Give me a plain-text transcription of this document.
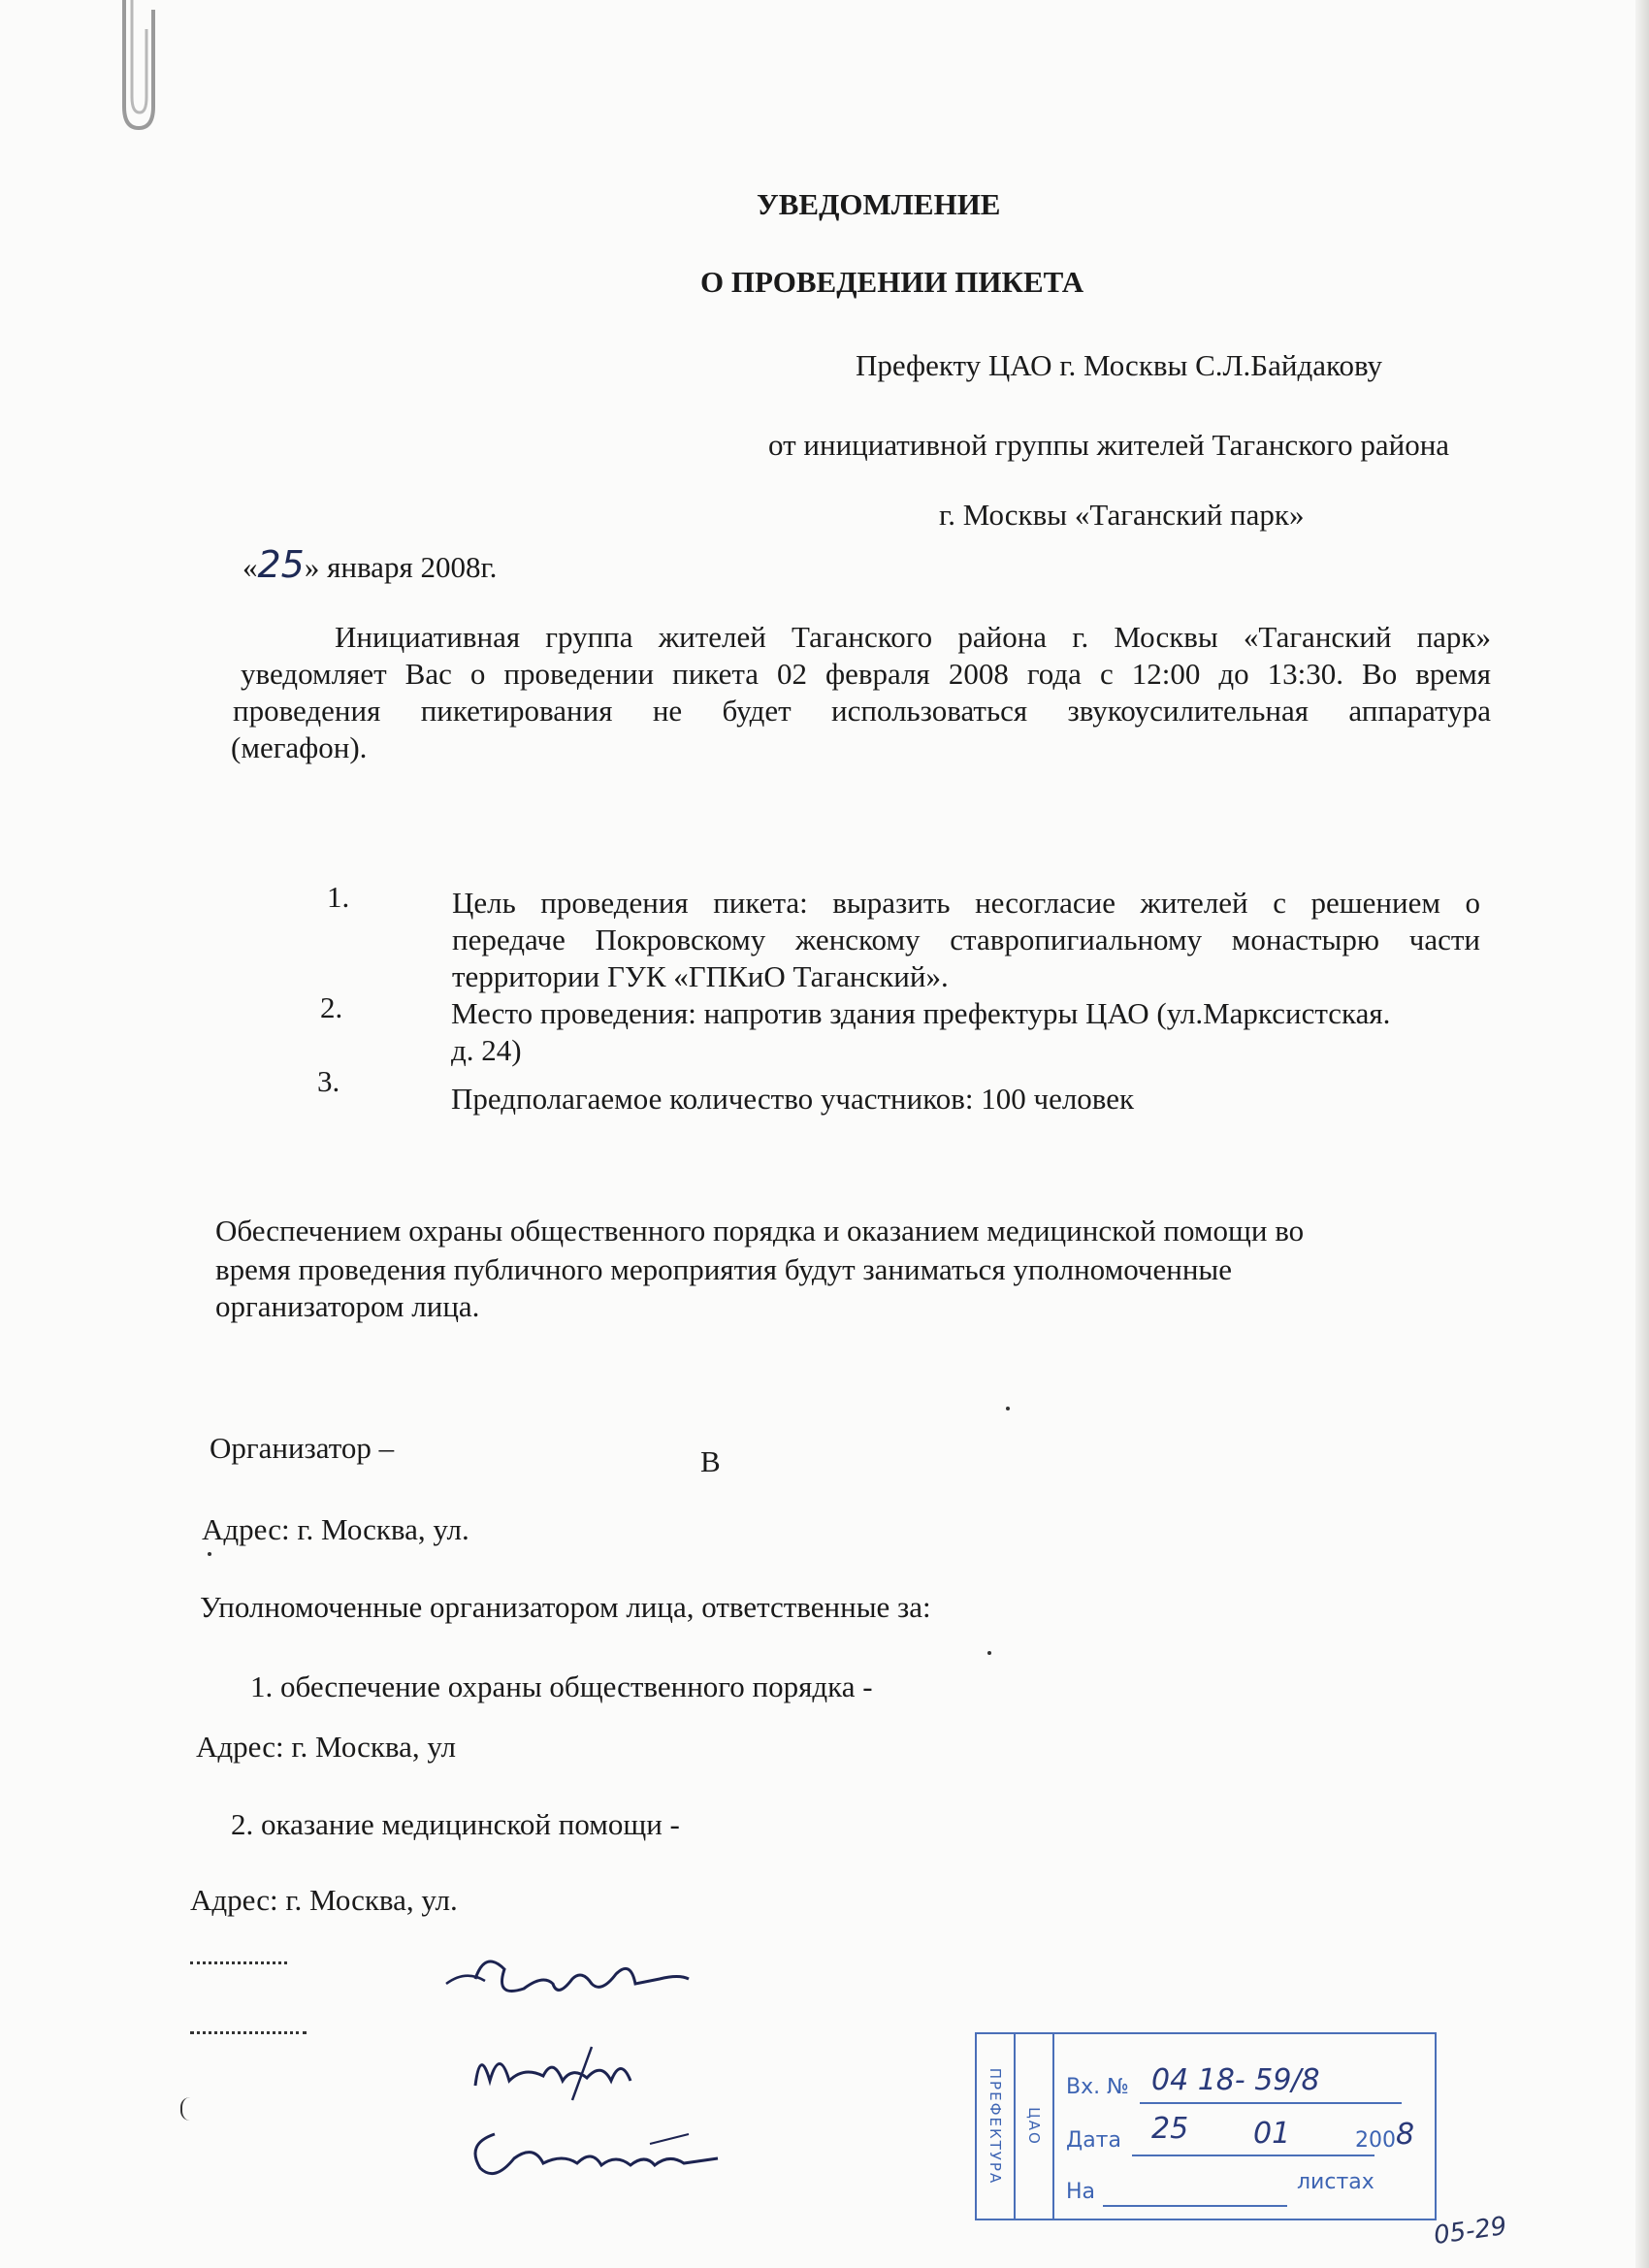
УВЕДОМЛЕНИЕ
О ПРОВЕДЕНИИ ПИКЕТА
Префекту ЦАО г. Москвы С.Л.Байдакову
от инициативной группы жителей Таганского района
г. Москвы «Таганский парк»
«25» января 2008г.
Инициативная группа жителей Таганского района г. Москвы «Таганский парк»
уведомляет Вас о проведении пикета 02 февраля 2008 года с 12:00 до 13:30. Во время
проведения пикетирования не будет использоваться звукоусилительная аппаратура
(мегафон).
1.	Цель проведения пикета: выразить несогласие жителей с решением о
передаче Покровскому женскому ставропигиальному монастырю части
территории ГУК «ГПКиО Таганский».
2.	Место проведения: напротив здания префектуры ЦАО (ул.Марксистская.
д. 24)
3.
Предполагаемое количество участников: 100 человек
Обеспечением охраны общественного порядка и оказанием медицинской помощи во
время проведения публичного мероприятия будут заниматься уполномоченные
организатором лица.
Организатор –	В
Адрес: г. Москва, ул.
Уполномоченные организатором лица, ответственные за:
1. обеспечение охраны общественного порядка -
Адрес: г. Москва, ул
2. оказание медицинской помощи -
Адрес: г. Москва, ул.
ПРЕФЕКТУРА ЦАО
Вх. № 04 18- 59/8
Дата 25 01	200 8
На	листах
05-29
